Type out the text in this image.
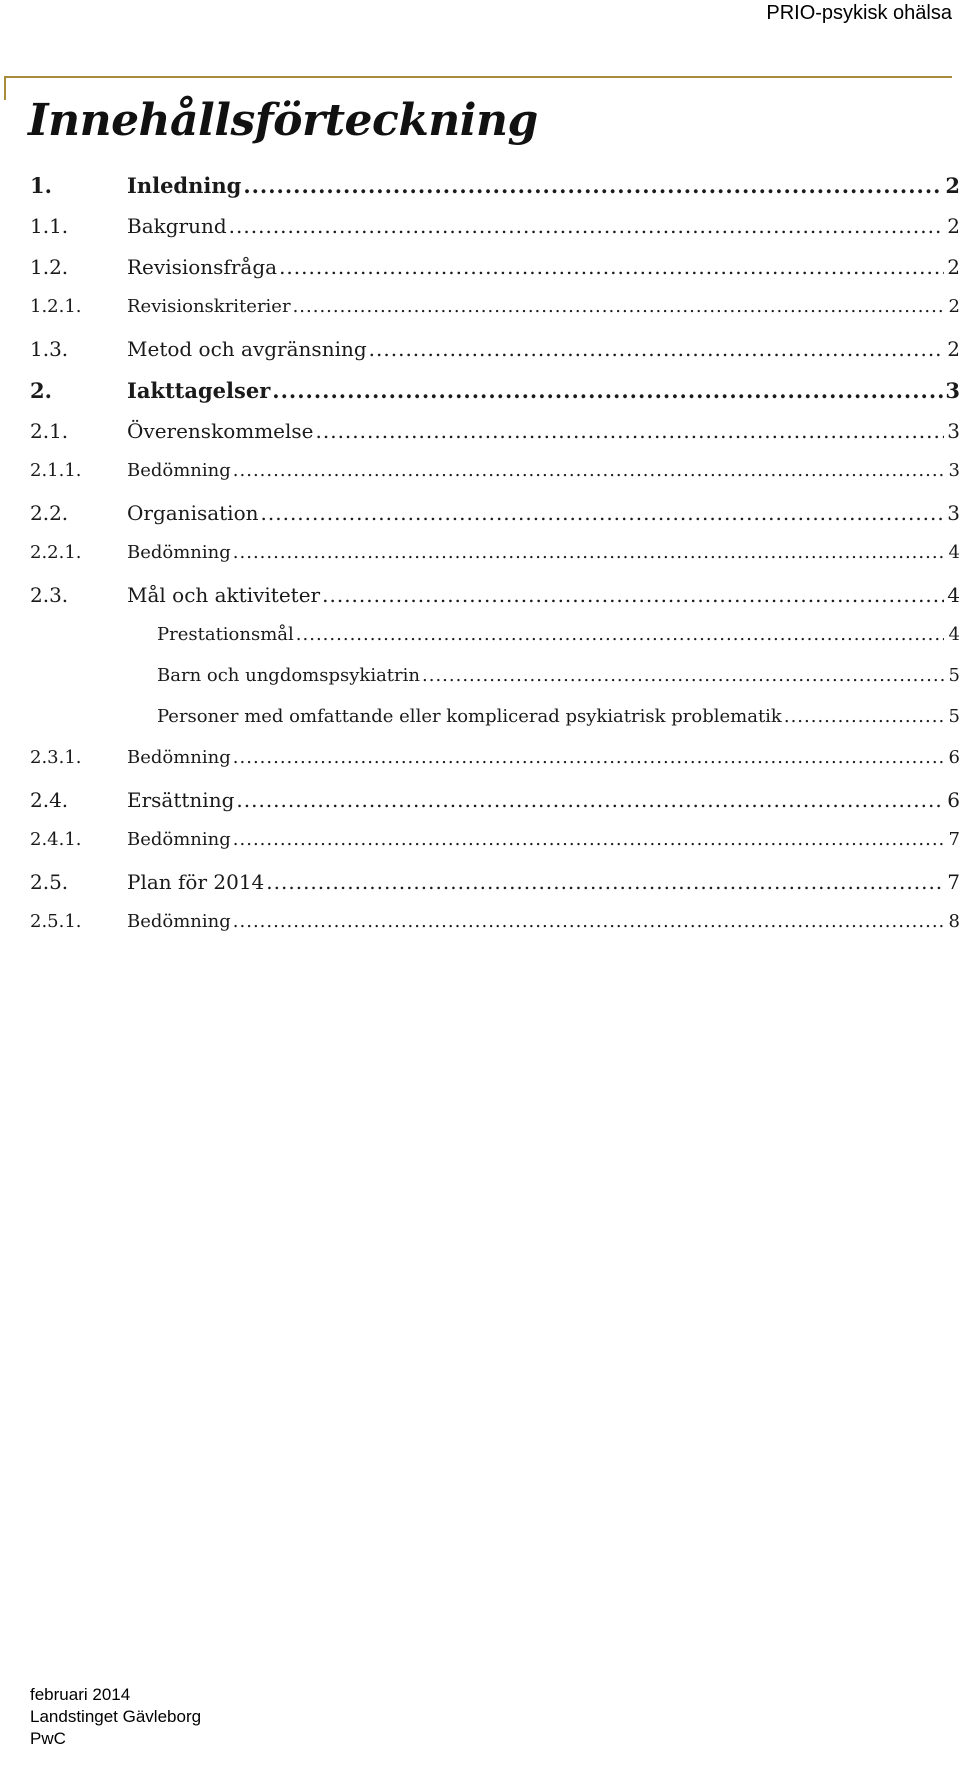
PRIO-psykisk ohälsa
Innehållsförteckning
1.	Inledning .....	2
1.1.	Bakgrund .....	2
1.2.	Revisionsfråga .....	2
1.2.1.	Revisionskriterier .....	2
1.3.	Metod och avgränsning .....	2
2.	Iakttagelser .....	3
2.1.	Överenskommelse .....	3
2.1.1.	Bedömning .....	3
2.2.	Organisation .....	3
2.2.1.	Bedömning .....	4
2.3.	Mål och aktiviteter .....	4
Prestationsmål .....	4
Barn och ungdomspsykiatrin .....	5
Personer med omfattande eller komplicerad psykiatrisk problematik .....	5
2.3.1.	Bedömning .....	6
2.4.	Ersättning .....	6
2.4.1.	Bedömning .....	7
2.5.	Plan för 2014 .....	7
2.5.1.	Bedömning .....	8
februari 2014
Landstinget Gävleborg
PwC
